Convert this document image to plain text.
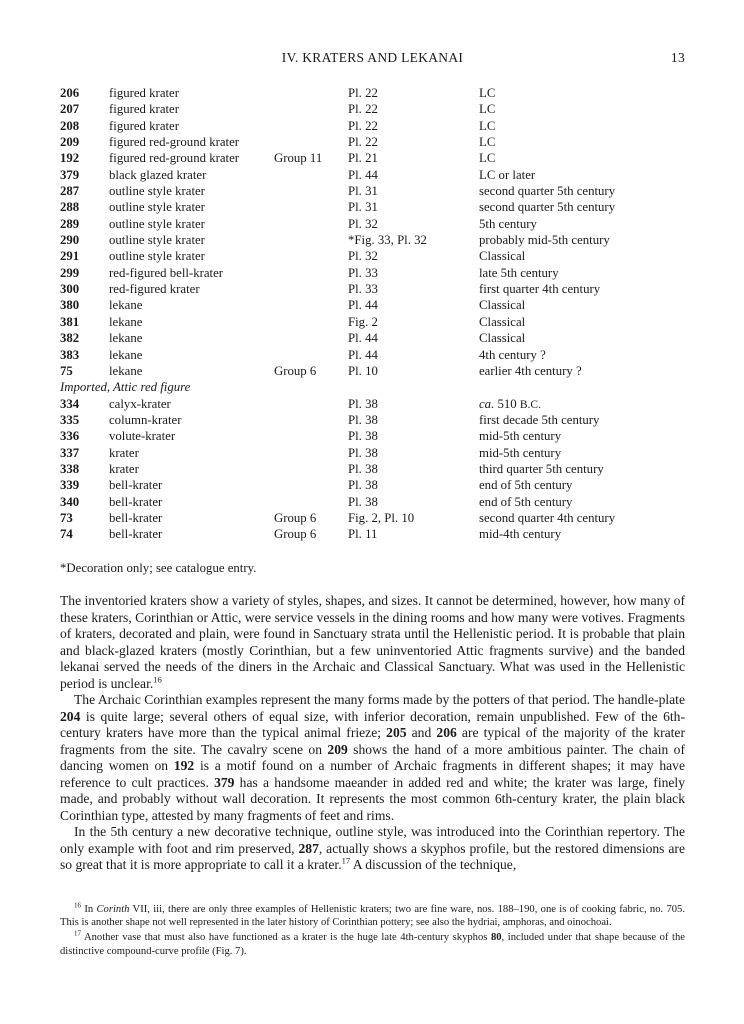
IV. KRATERS AND LEKANAI	13
206 figured krater	Pl. 22	LC
207 figured krater	Pl. 22	LC
208 figured krater	Pl. 22	LC
209 figured red-ground krater	Pl. 22	LC
192 figured red-ground krater	Group 11 Pl. 21	LC
379 black glazed krater	Pl. 44	LC or later
287 outline style krater	Pl. 31	second quarter 5th century
288 outline style krater	Pl. 31	second quarter 5th century
289 outline style krater	Pl. 32	5th century
290 outline style krater	*Fig. 33, Pl. 32	probably mid-5th century
291 outline style krater	Pl. 32	Classical
299 red-figured bell-krater	Pl. 33	late 5th century
300 red-figured krater	Pl. 33	first quarter 4th century
380 lekane	Pl. 44	Classical
381 lekane	Fig. 2	Classical
382 lekane	Pl. 44	Classical
383 lekane	Pl. 44	4th century ?
75	lekane	Group 6 Pl. 10	earlier 4th century ?
Imported, Attic red figure
334 calyx-krater	Pl. 38	ca. 510 B.C.
335 column-krater	Pl. 38	first decade 5th century
336 volute-krater	Pl. 38	mid-5th century
337 krater	Pl. 38	mid-5th century
338 krater	Pl. 38	third quarter 5th century
339 bell-krater	Pl. 38	end of 5th century
340 bell-krater	Pl. 38	end of 5th century
73	bell-krater	Group 6 Fig. 2, Pl. 10	second quarter 4th century
74	bell-krater	Group 6 Pl. 11	mid-4th century
*Decoration only; see catalogue entry.

The inventoried kraters show a variety of styles, shapes, and sizes. It cannot be determined, however, how many of these kraters, Corinthian or Attic, were service vessels in the dining rooms and how many were votives. Fragments of kraters, decorated and plain, were found in Sanctuary strata until the Hellenistic period. It is probable that plain and black-glazed kraters (mostly Corinthian, but a few uninventoried Attic fragments survive) and the banded lekanai served the needs of the diners in the Archaic and Classical Sanctuary. What was used in the Hellenistic period is unclear.$^{16}$

The Archaic Corinthian examples represent the many forms made by the potters of that period. The handle-plate 204 is quite large; several others of equal size, with inferior decoration, remain unpublished. Few of the 6th-century kraters have more than the typical animal frieze; 205 and 206 are typical of the majority of the krater fragments from the site. The cavalry scene on 209 shows the hand of a more ambitious painter. The chain of dancing women on 192 is a motif found on a number of Archaic fragments in different shapes; it may have reference to cult practices. 379 has a handsome maeander in added red and white; the krater was large, finely made, and probably without wall decoration. It represents the most common 6th-century krater, the plain black Corinthian type, attested by many fragments of feet and rims.

In the 5th century a new decorative technique, outline style, was introduced into the Corinthian repertory. The only example with foot and rim preserved, 287, actually shows a skyphos profile, but the restored dimensions are so great that it is more appropriate to call it a krater.$^{17}$ A discussion of the technique,

$^{16}$ In Corinth VII, iii, there are only three examples of Hellenistic kraters; two are fine ware, nos. 188–190, one is of cooking fabric, no. 705. This is another shape not well represented in the later history of Corinthian pottery; see also the hydriai, amphoras, and oinochoai.

$^{17}$ Another vase that must also have functioned as a krater is the huge late 4th-century skyphos 80, included under that shape because of the distinctive compound-curve profile (Fig. 7).
